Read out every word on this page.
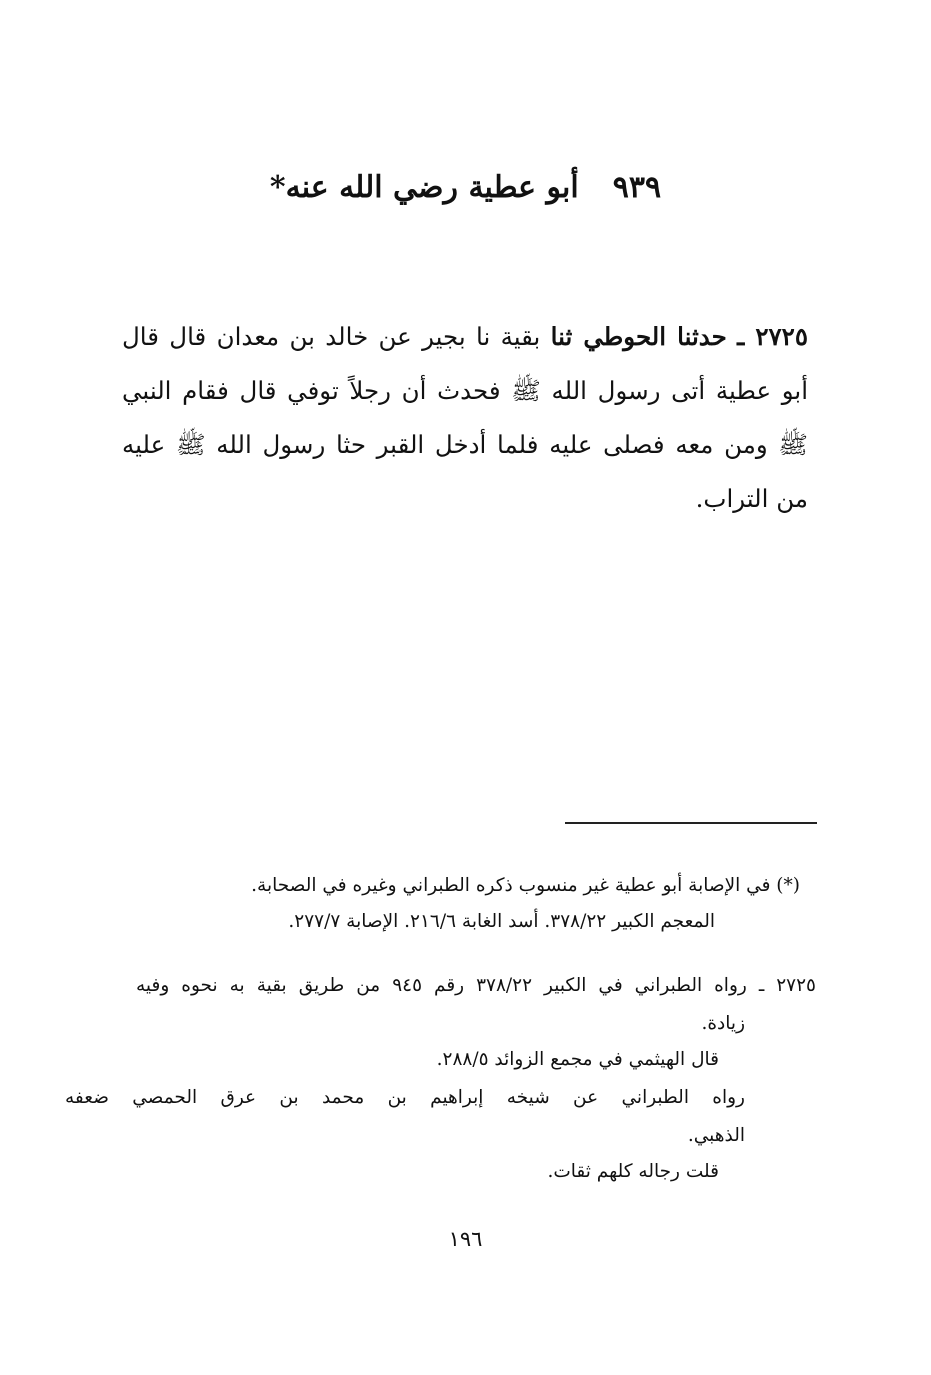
٩٣٩أبو عطية رضي الله عنه*

٢٧٢٥ ـ حدثنا الحوطي ثنا بقية نا بجير عن خالد بن معدان قال قال أبو عطية أتى رسول الله ﷺ فحدث أن رجلاً توفي قال فقام النبي ﷺ ومن معه فصلى عليه فلما أدخل القبر حثا رسول الله ﷺ عليه من التراب.

(*) في الإصابة أبو عطية غير منسوب ذكره الطبراني وغيره في الصحابة.
المعجم الكبير ٣٧٨/٢٢. أسد الغابة ٢١٦/٦. الإصابة ٢٧٧/٧.
٢٧٢٥ ـ رواه الطبراني في الكبير ٣٧٨/٢٢ رقم ٩٤٥ من طريق بقية به نحوه وفيه
زيادة.
قال الهيثمي في مجمع الزوائد ٢٨٨/٥.
رواه الطبراني عن شيخه إبراهيم بن محمد بن عرق الحمصي ضعفه
الذهبي.
قلت رجاله كلهم ثقات.
١٩٦
